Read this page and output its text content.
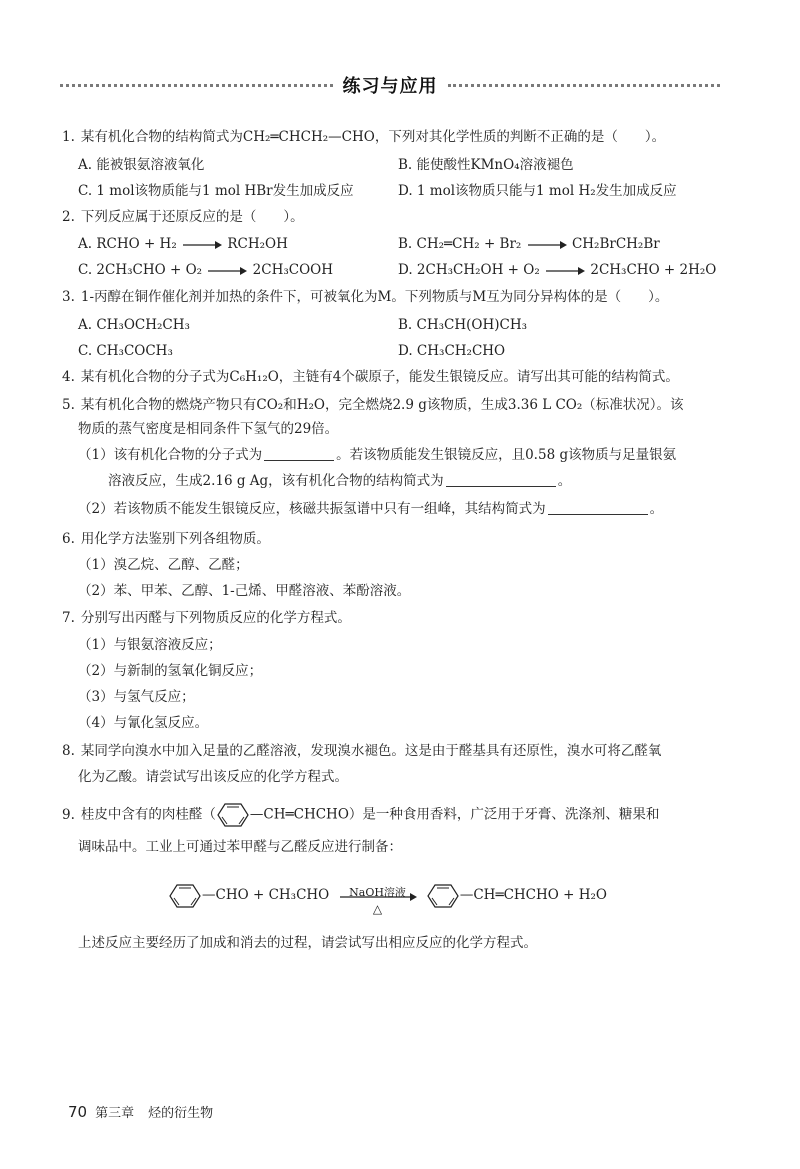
练习与应用
1. 某有机化合物的结构简式为CH₂═CHCH₂—CHO，下列对其化学性质的判断不正确的是（　　）。
A. 能被银氨溶液氧化	B. 能使酸性KMnO₄溶液褪色
C. 1 mol该物质能与1 mol HBr发生加成反应	D. 1 mol该物质只能与1 mol H₂发生加成反应
2. 下列反应属于还原反应的是（　　）。
A. RCHO + H₂ → RCH₂OH	B. CH₂═CH₂ + Br₂ → CH₂BrCH₂Br
C. 2CH₃CHO + O₂ → 2CH₃COOH	D. 2CH₃CH₂OH + O₂ → 2CH₃CHO + 2H₂O
3. 1-丙醇在铜作催化剂并加热的条件下，可被氧化为M。下列物质与M互为同分异构体的是（　　）。
A. CH₃OCH₂CH₃	B. CH₃CH(OH)CH₃
C. CH₃COCH₃	D. CH₃CH₂CHO
4. 某有机化合物的分子式为C₆H₁₂O，主链有4个碳原子，能发生银镜反应。请写出其可能的结构简式。
5. 某有机化合物的燃烧产物只有CO₂和H₂O，完全燃烧2.9 g该物质，生成3.36 L CO₂（标准状况）。该
物质的蒸气密度是相同条件下氢气的29倍。
（1）该有机化合物的分子式为	。若该物质能发生银镜反应，且0.58 g该物质与足量银氨
溶液反应，生成2.16 g Ag，该有机化合物的结构简式为	。
（2）若该物质不能发生银镜反应，核磁共振氢谱中只有一组峰，其结构简式为	。
6. 用化学方法鉴别下列各组物质。
（1）溴乙烷、乙醇、乙醛；
（2）苯、甲苯、乙醇、1-己烯、甲醛溶液、苯酚溶液。
7. 分别写出丙醛与下列物质反应的化学方程式。
（1）与银氨溶液反应；
（2）与新制的氢氧化铜反应；
（3）与氢气反应；
（4）与氰化氢反应。
8. 某同学向溴水中加入足量的乙醛溶液，发现溴水褪色。这是由于醛基具有还原性，溴水可将乙醛氧
化为乙酸。请尝试写出该反应的化学方程式。
9. 桂皮中含有的肉桂醛（	—CH═CHCHO）是一种食用香料，广泛用于牙膏、洗涤剂、糖果和
调味品中。工业上可通过苯甲醛与乙醛反应进行制备：
—CHO + CH₃CHO	NaOH溶液
△
—CH═CHCHO + H₂O
上述反应主要经历了加成和消去的过程，请尝试写出相应反应的化学方程式。
70 第三章 烃的衍生物
